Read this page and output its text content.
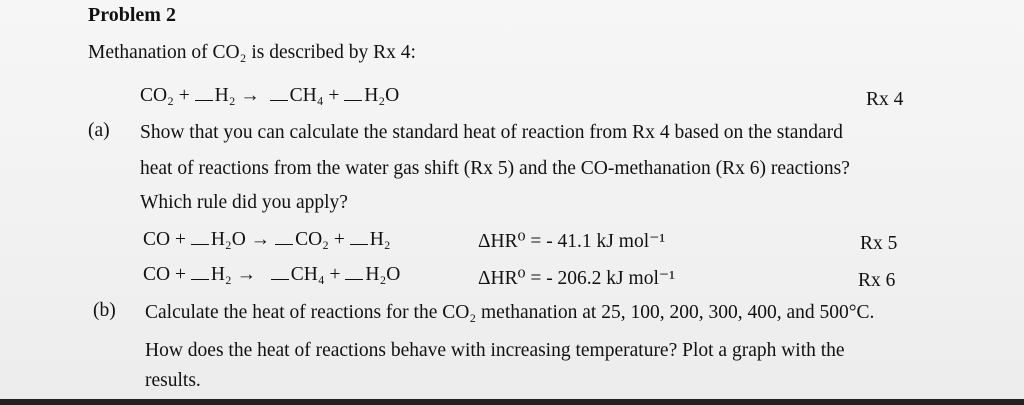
Problem 2
Methanation of CO₂ is described by Rx 4:
CO₂ + H₂ → CH₄ + H₂O	Rx 4
(a) Show that you can calculate the standard heat of reaction from Rx 4 based on the standard
heat of reactions from the water gas shift (Rx 5) and the CO-methanation (Rx 6) reactions?
Which rule did you apply?
CO + H₂O → CO₂ + H₂	ΔHR⁰ = - 41.1 kJ mol⁻¹	Rx 5
CO + H₂ → CH₄ + H₂O	ΔHR⁰ = - 206.2 kJ mol⁻¹	Rx 6
(b) Calculate the heat of reactions for the CO₂ methanation at 25, 100, 200, 300, 400, and 500°C.
How does the heat of reactions behave with increasing temperature? Plot a graph with the
results.
